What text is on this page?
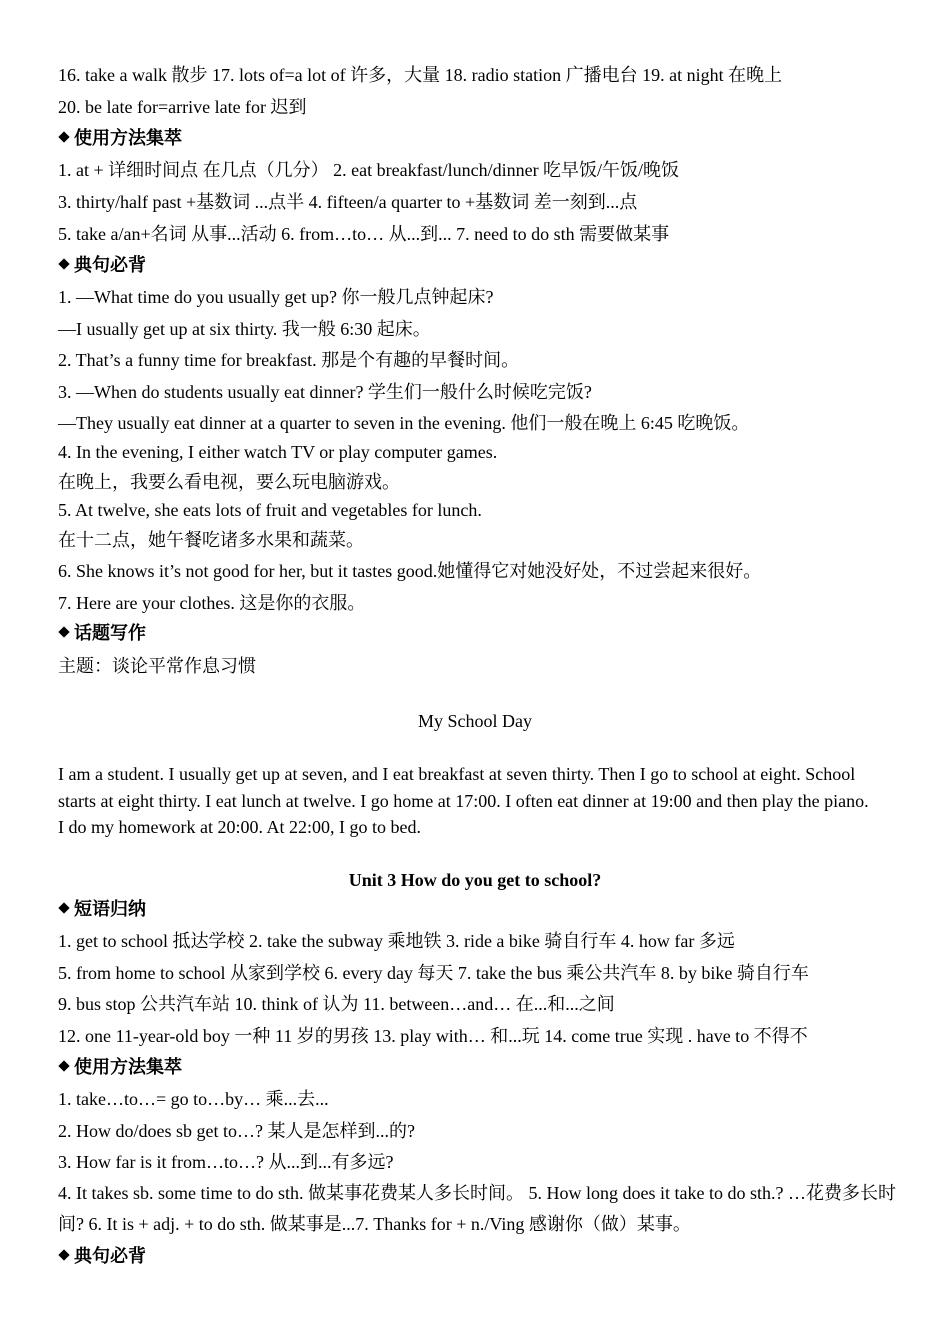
16. take a walk 散步 17. lots of=a lot of 许多，大量 18. radio station 广播电台 19. at night 在晚上
20. be late for=arrive late for 迟到
使用方法集萃
1. at + 详细时间点 在几点（几分） 2. eat breakfast/lunch/dinner 吃早饭/午饭/晚饭
3. thirty/half past +基数词 ...点半 4. fifteen/a quarter to +基数词 差一刻到...点
5. take a/an+名词 从事...活动 6. from…to… 从...到... 7. need to do sth 需要做某事
典句必背
1. —What time do you usually get up? 你一般几点钟起床?
—I usually get up at six thirty. 我一般 6:30 起床。
2. That’s a funny time for breakfast. 那是个有趣的早餐时间。
3. —When do students usually eat dinner? 学生们一般什么时候吃完饭?
—They usually eat dinner at a quarter to seven in the evening. 他们一般在晚上 6:45 吃晚饭。
4. In the evening, I either watch TV or play computer games.
在晚上，我要么看电视，要么玩电脑游戏。
5. At twelve, she eats lots of fruit and vegetables for lunch.
在十二点，她午餐吃诸多水果和蔬菜。
6. She knows it’s not good for her, but it tastes good.她懂得它对她没好处，不过尝起来很好。
7. Here are your clothes. 这是你的衣服。
话题写作
主题：谈论平常作息习惯
My School Day
I am a student. I usually get up at seven, and I eat breakfast at seven thirty. Then I go to school at eight. School starts at eight thirty. I eat lunch at twelve. I go home at 17:00. I often eat dinner at 19:00 and then play the piano. I do my homework at 20:00. At 22:00, I go to bed.
Unit 3 How do you get to school?
短语归纳
1. get to school 抵达学校 2. take the subway 乘地铁 3. ride a bike 骑自行车 4. how far 多远
5. from home to school 从家到学校 6. every day 每天 7. take the bus 乘公共汽车 8. by bike 骑自行车
9. bus stop 公共汽车站 10. think of 认为 11. between…and… 在...和...之间
12. one 11-year-old boy 一种 11 岁的男孩 13. play with… 和...玩 14. come true 实现 . have to 不得不
使用方法集萃
1. take…to…= go to…by… 乘...去...
2. How do/does sb get to…? 某人是怎样到...的?
3. How far is it from…to…? 从...到...有多远?
4. It takes sb. some time to do sth. 做某事花费某人多长时间。 5. How long does it take to do sth.? …花费多长时间? 6. It is + adj. + to do sth. 做某事是...7. Thanks for + n./Ving 感谢你（做）某事。
典句必背
